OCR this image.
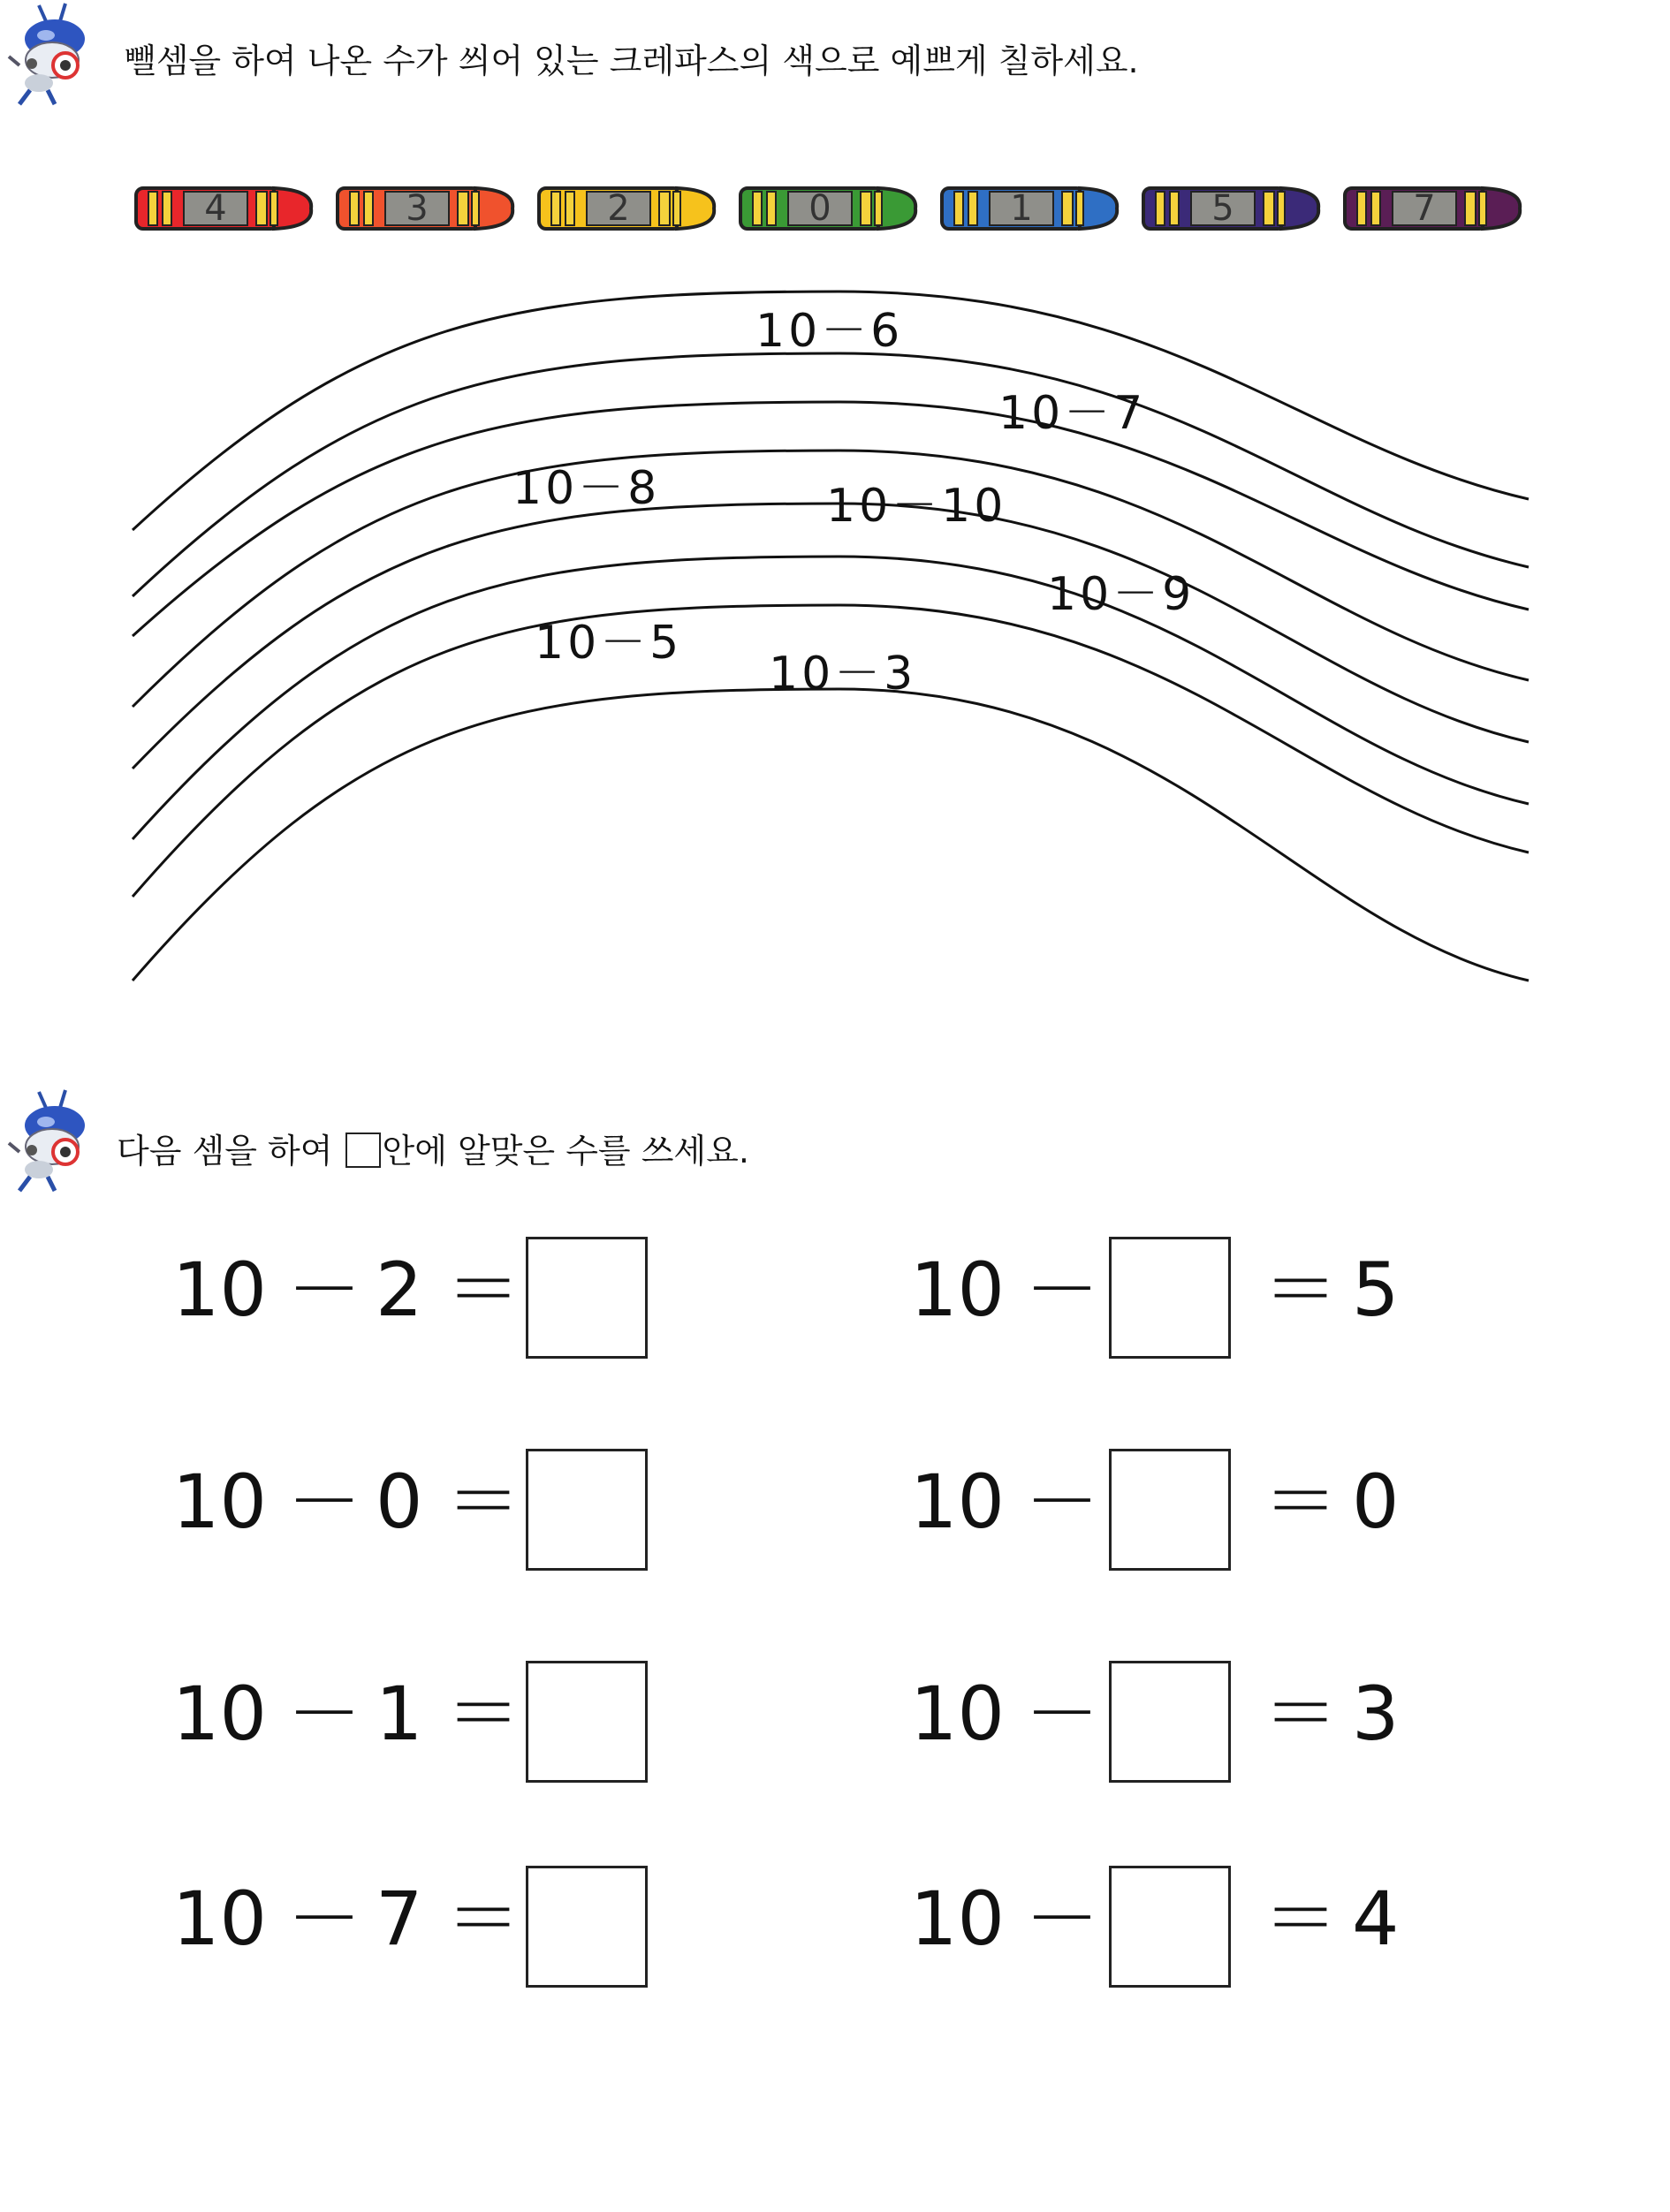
뺄셈을 하여 나온 수가 씌어 있는 크레파스의 색으로 예쁘게 칠하세요.
4	3	2	0	1	5	7
10－6
10－7
10－8	10－10
10－9
10－5
10－3
다음 셈을 하여 안에 알맞은 수를 쓰세요.
10 － 2 ＝
10 － 0 ＝
10 － 1 ＝
10 － 7 ＝
10 － ＝ 5
10 － ＝ 0
10 － ＝ 3
10 － ＝ 4
